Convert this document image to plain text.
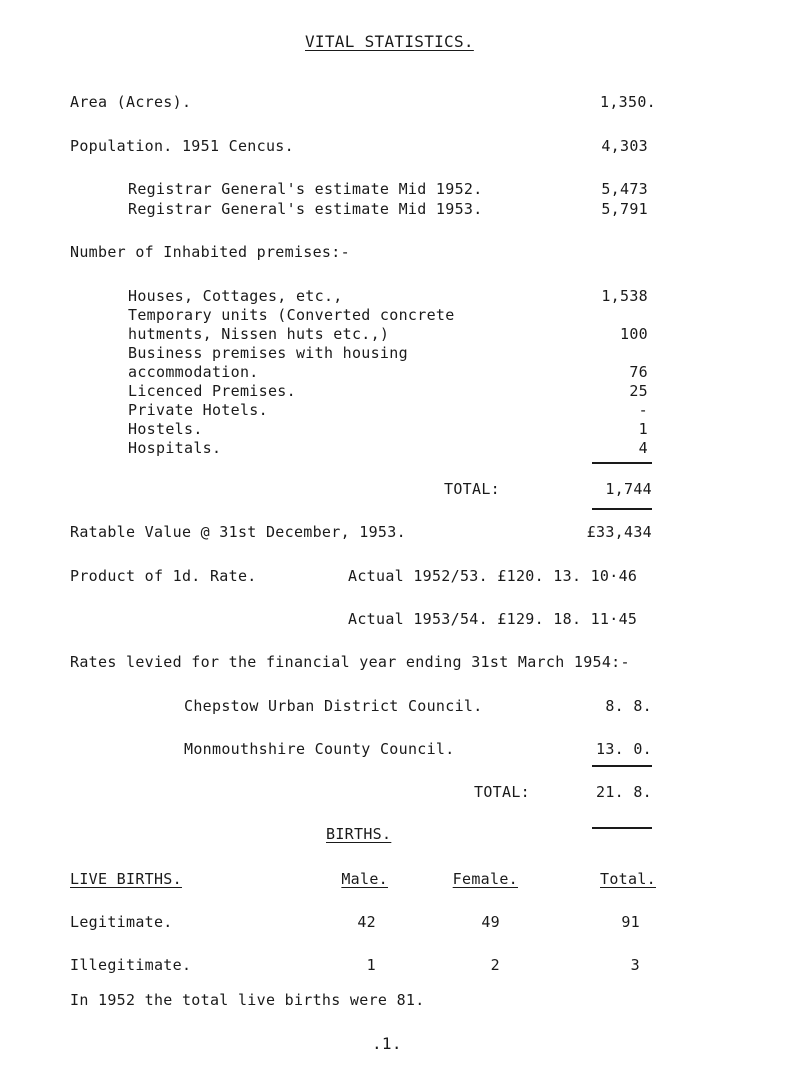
VITAL STATISTICS.
Area (Acres).	1,350.
Population. 1951 Cencus.	4,303
Registrar General's estimate Mid 1952.	5,473
Registrar General's estimate Mid 1953.	5,791
Number of Inhabited premises:-
Houses, Cottages, etc.,	1,538
Temporary units (Converted concrete
hutments, Nissen huts etc.,)	100
Business premises with housing
accommodation.	76
Licenced Premises.	25
Private Hotels.	-
Hostels.	1
Hospitals.	4
TOTAL:	1,744
Ratable Value @ 31st December, 1953.	£33,434
Product of 1d. Rate.	Actual 1952/53. £120. 13. 10·46
Actual 1953/54. £129. 18. 11·45
Rates levied for the financial year ending 31st March 1954:-
Chepstow Urban District Council.	8. 8.
Monmouthshire County Council.	13. 0.
TOTAL:	21. 8.
BIRTHS.
LIVE BIRTHS.	Male.	Female.	Total.
Legitimate.	42	49	91
Illegitimate.	1	2	3
In 1952 the total live births were 81.
.1.
